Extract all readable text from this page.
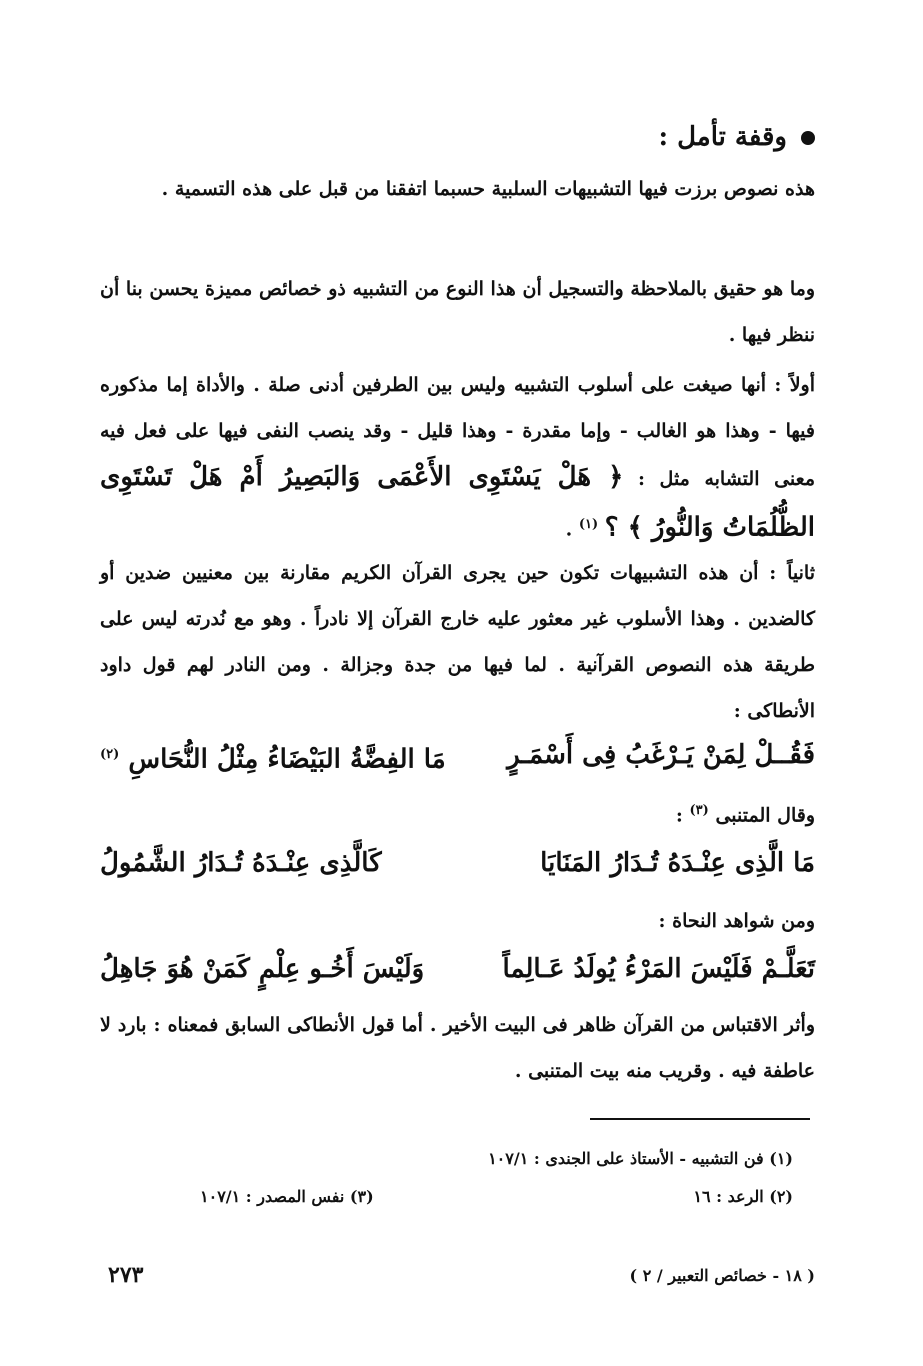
وقفة تأمل :
هذه نصوص برزت فيها التشبيهات السلبية حسبما اتفقنا من قبل على هذه التسمية .
وما هو حقيق بالملاحظة والتسجيل أن هذا النوع من التشبيه ذو خصائص مميزة يحسن بنا أن ننظر فيها .
أولاً : أنها صيغت على أسلوب التشبيه وليس بين الطرفين أدنى صلة . والأداة إما مذكوره فيها - وهذا هو الغالب - وإما مقدرة - وهذا قليل - وقد ينصب النفى فيها على فعل فيه معنى التشابه مثل : ﴿ هَلْ يَسْتَوِى الأَعْمَى وَالبَصِيرُ أَمْ هَلْ تَسْتَوِى الظُّلُمَاتُ وَالنُّورُ ﴾ ؟ $^{(١)}$ .
ثانياً : أن هذه التشبيهات تكون حين يجرى القرآن الكريم مقارنة بين معنيين ضدين أو كالضدين . وهذا الأسلوب غير معثور عليه خارج القرآن إلا نادراً . وهو مع نُدرته ليس على طريقة هذه النصوص القرآنية . لما فيها من جدة وجزالة . ومن النادر لهم قول داود الأنطاكى :
فَقُــلْ لِمَنْ يَـرْغَبُ فِى أَسْمَـرٍ
مَا الفِضَّةُ البَيْضَاءُ مِثْلُ النُّحَاسِ $^{(٢)}$
وقال المتنبى $^{(٣)}$ :
مَا الَّذِى عِنْـدَهُ تُـدَارُ المَنَايَا
كَالَّذِى عِنْـدَهُ تُـدَارُ الشَّمُولُ
ومن شواهد النحاة :
تَعَلَّـمْ فَلَيْسَ المَرْءُ يُولَدُ عَـالِماً
وَلَيْسَ أَخُـو عِلْمٍ كَمَنْ هُوَ جَاهِلُ
وأثر الاقتباس من القرآن ظاهر فى البيت الأخير . أما قول الأنطاكى السابق فمعناه : بارد لا عاطفة فيه . وقريب منه بيت المتنبى .
(١) فن التشبيه - الأستاذ على الجندى : ١٠٧/١
(٢) الرعد : ١٦
(٣) نفس المصدر : ١٠٧/١
٢٧٣	( ١٨ - خصائص التعبير / ٢ )
